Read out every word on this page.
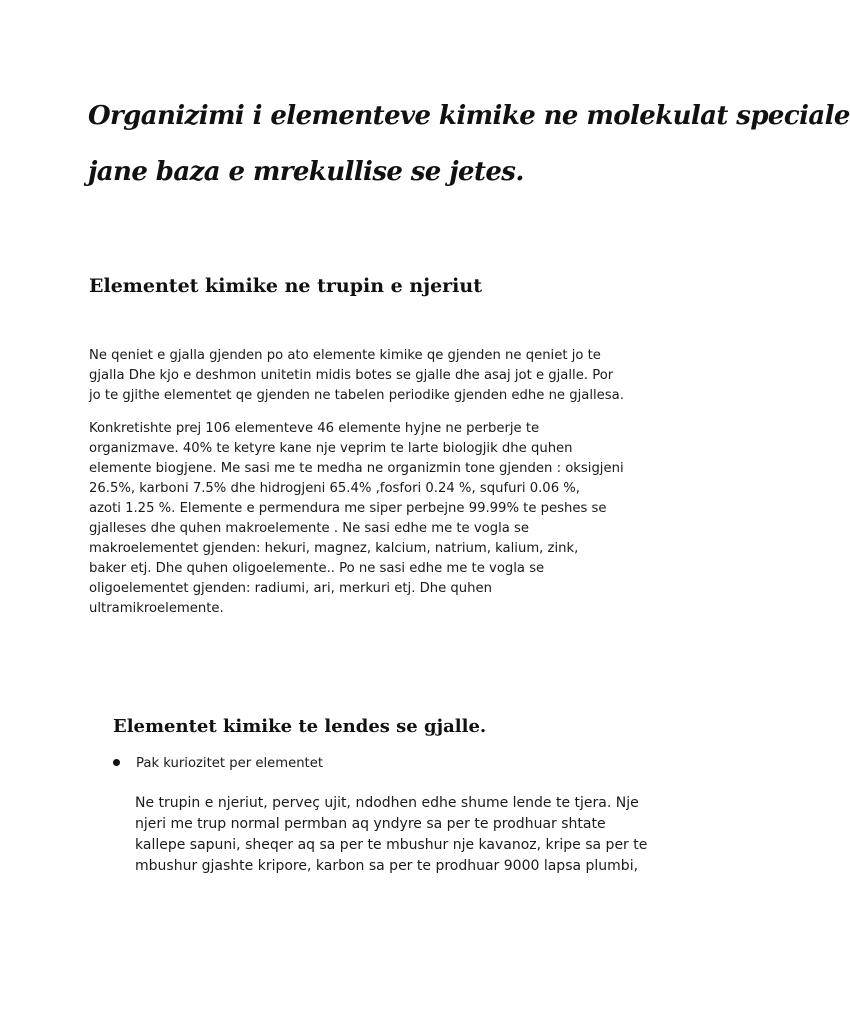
Organizimi i elementeve kimike ne molekulat speciale
jane baza e mrekullise se jetes.
Elementet kimike ne trupin e njeriut
Ne qeniet e gjalla gjenden po ato elemente kimike qe gjenden ne qeniet jo te
gjalla Dhe kjo e deshmon unitetin midis botes se gjalle dhe asaj jot e gjalle. Por
jo te gjithe elementet qe gjenden ne tabelen periodike gjenden edhe ne gjallesa.
Konkretishte prej 106 elementeve 46 elemente hyjne ne perberje te
organizmave. 40% te ketyre kane nje veprim te larte biologjik dhe quhen
elemente biogjene. Me sasi me te medha ne organizmin tone gjenden : oksigjeni
26.5%, karboni 7.5% dhe hidrogjeni 65.4% ,fosfori 0.24 %, squfuri 0.06 %,
azoti 1.25 %. Elemente e permendura me siper perbejne 99.99% te peshes se
gjalleses dhe quhen makroelemente . Ne sasi edhe me te vogla se
makroelementet gjenden: hekuri, magnez, kalcium, natrium, kalium, zink,
baker etj. Dhe quhen oligoelemente.. Po ne sasi edhe me te vogla se
oligoelementet gjenden: radiumi, ari, merkuri etj. Dhe quhen
ultramikroelemente.
Elementet kimike te lendes se gjalle.
Pak kuriozitet per elementet
Ne trupin e njeriut, perveç ujit, ndodhen edhe shume lende te tjera. Nje
njeri me trup normal permban aq yndyre sa per te prodhuar shtate
kallepe sapuni, sheqer aq sa per te mbushur nje kavanoz, kripe sa per te
mbushur gjashte kripore, karbon sa per te prodhuar 9000 lapsa plumbi,
